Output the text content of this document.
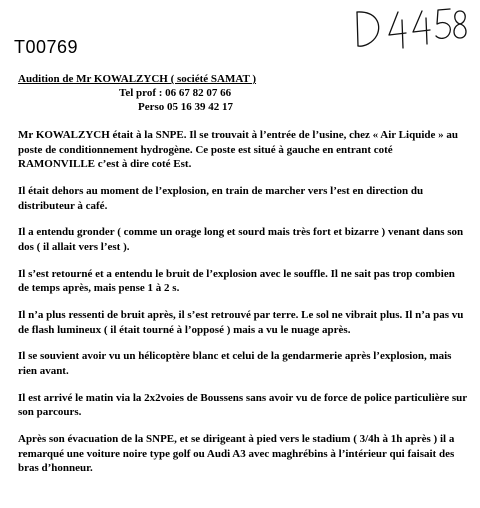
T00769
Audition de Mr KOWALZYCH ( société SAMAT )
Tel prof : 06 67 82 07 66
Perso 05 16 39 42 17

Mr KOWALZYCH était à la SNPE. Il se trouvait à l’entrée de l’usine, chez « Air Liquide » au poste de conditionnement hydrogène. Ce poste est situé à gauche en entrant coté RAMONVILLE c’est à dire coté Est.

Il était dehors au moment de l’explosion, en train de marcher vers l’est en direction du distributeur à café.

Il a entendu gronder ( comme un orage long et sourd mais très fort et bizarre ) venant dans son dos ( il allait vers l’est ).

Il s’est retourné et a entendu le bruit de l’explosion avec le souffle. Il ne sait pas trop combien de temps après, mais pense 1 à 2 s.

Il n’a plus ressenti de bruit après, il s’est retrouvé par terre. Le sol ne vibrait plus. Il n’a pas vu de flash lumineux ( il était tourné à l’opposé ) mais a vu le nuage après.

Il se souvient avoir vu un hélicoptère blanc et celui de la gendarmerie après l’explosion, mais rien avant.

Il est arrivé le matin via la 2x2voies de Boussens sans avoir vu de force de police particulière sur son parcours.

Après son évacuation de la SNPE, et se dirigeant à pied vers le stadium ( 3/4h à 1h après ) il a remarqué une voiture noire type golf ou Audi A3 avec maghrébins à l’intérieur qui faisait des bras d’honneur.
